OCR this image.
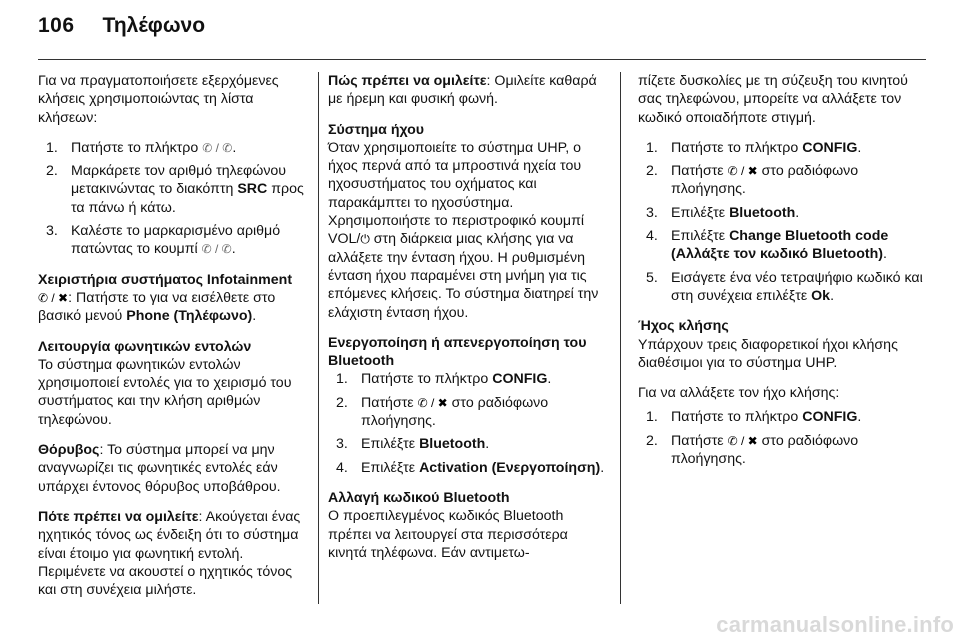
106 Τηλέφωνο

Για να πραγματοποιήσετε εξερχόμενες κλήσεις χρησιμοποιώντας τη λίστα κλήσεων:

1. Πατήστε το πλήκτρο ✆ / ✆.
2. Μαρκάρετε τον αριθμό τηλεφώνου μετακινώντας το διακόπτη SRC προς τα πάνω ή κάτω.
3. Καλέστε το μαρκαρισμένο αριθμό πατώντας το κουμπί ✆ / ✆.
Χειριστήρια συστήματος Infotainment

✆ / ✖: Πατήστε το για να εισέλθετε στο βασικό μενού Phone (Τηλέφωνο).

Λειτουργία φωνητικών εντολών

Το σύστημα φωνητικών εντολών χρησιμοποιεί εντολές για το χειρισμό του συστήματος και την κλήση αριθμών τηλεφώνου.

Θόρυβος: Το σύστημα μπορεί να μην αναγνωρίζει τις φωνητικές εντολές εάν υπάρχει έντονος θόρυβος υποβάθρου.

Πότε πρέπει να ομιλείτε: Ακούγεται ένας ηχητικός τόνος ως ένδειξη ότι το σύστημα είναι έτοιμο για φωνητική εντολή. Περιμένετε να ακουστεί ο ηχητικός τόνος και στη συνέχεια μιλήστε.

Πώς πρέπει να ομιλείτε: Ομιλείτε καθαρά με ήρεμη και φυσική φωνή.

Σύστημα ήχου

Όταν χρησιμοποιείτε το σύστημα UHP, ο ήχος περνά από τα μπροστινά ηχεία του ηχοσυστήματος του οχήματος και παρακάμπτει το ηχοσύστημα. Χρησιμοποιήστε το περιστροφικό κουμπί VOL/⏻ στη διάρκεια μιας κλήσης για να αλλάξετε την ένταση ήχου. Η ρυθμισμένη ένταση ήχου παραμένει στη μνήμη για τις επόμενες κλήσεις. Το σύστημα διατηρεί την ελάχιστη ένταση ήχου.

Ενεργοποίηση ή απενεργοποίηση του Bluetooth
1. Πατήστε το πλήκτρο CONFIG.
2. Πατήστε ✆ / ✖ στο ραδιόφωνο πλοήγησης.
3. Επιλέξτε Bluetooth.
4. Επιλέξτε Activation (Ενεργοποίηση).
Αλλαγή κωδικού Bluetooth

Ο προεπιλεγμένος κωδικός Bluetooth πρέπει να λειτουργεί στα περισσότερα κινητά τηλέφωνα. Εάν αντιμετω-

πίζετε δυσκολίες με τη σύζευξη του κινητού σας τηλεφώνου, μπορείτε να αλλάξετε τον κωδικό οποιαδήποτε στιγμή.

1. Πατήστε το πλήκτρο CONFIG.
2. Πατήστε ✆ / ✖ στο ραδιόφωνο πλοήγησης.
3. Επιλέξτε Bluetooth.
4. Επιλέξτε Change Bluetooth code (Αλλάξτε τον κωδικό Bluetooth).
5. Εισάγετε ένα νέο τετραψήφιο κωδικό και στη συνέχεια επιλέξτε Ok.
Ήχος κλήσης

Υπάρχουν τρεις διαφορετικοί ήχοι κλήσης διαθέσιμοι για το σύστημα UHP.

Για να αλλάξετε τον ήχο κλήσης:

1. Πατήστε το πλήκτρο CONFIG.
2. Πατήστε ✆ / ✖ στο ραδιόφωνο πλοήγησης.
carmanualsonline.info
